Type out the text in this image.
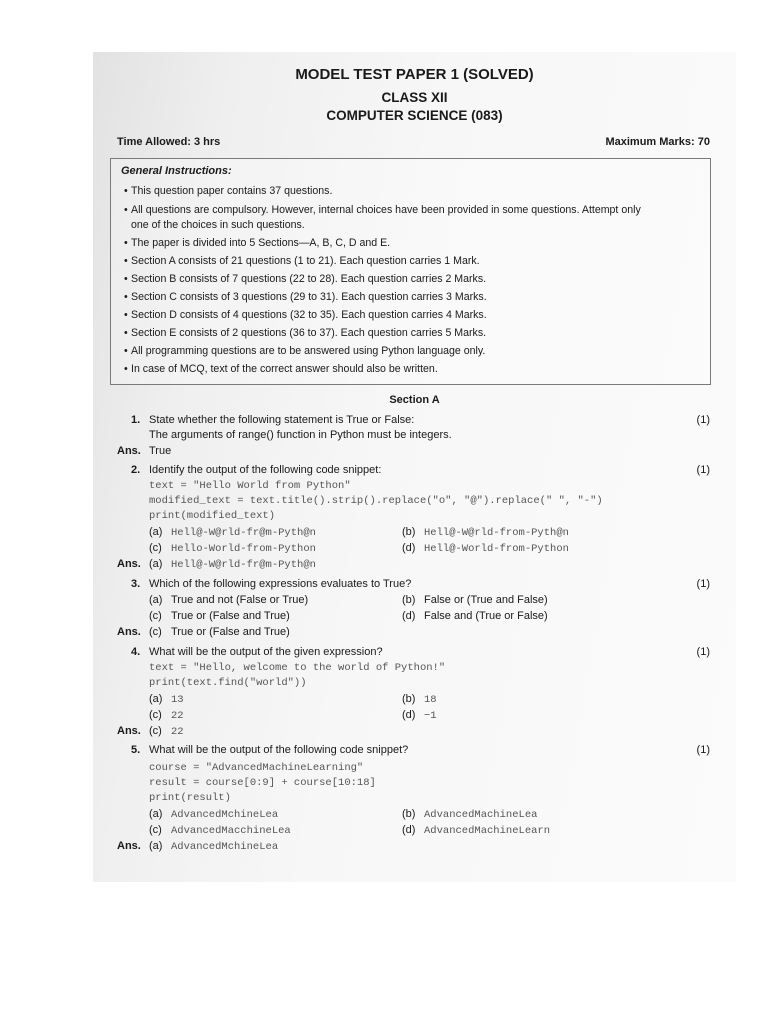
MODEL TEST PAPER 1 (SOLVED)
CLASS XII
COMPUTER SCIENCE (083)
Time Allowed: 3 hrs	Maximum Marks: 70
General Instructions:
• This question paper contains 37 questions.
• All questions are compulsory. However, internal choices have been provided in some questions. Attempt only
one of the choices in such questions.
• The paper is divided into 5 Sections—A, B, C, D and E.
• Section A consists of 21 questions (1 to 21). Each question carries 1 Mark.
• Section B consists of 7 questions (22 to 28). Each question carries 2 Marks.
• Section C consists of 3 questions (29 to 31). Each question carries 3 Marks.
• Section D consists of 4 questions (32 to 35). Each question carries 4 Marks.
• Section E consists of 2 questions (36 to 37). Each question carries 5 Marks.
• All programming questions are to be answered using Python language only.
• In case of MCQ, text of the correct answer should also be written.
Section A
1. State whether the following statement is True or False:	(1)
The arguments of range() function in Python must be integers.
Ans. True
2. Identify the output of the following code snippet:	(1)
text = "Hello World from Python"
modified_text = text.title().strip().replace("o", "@").replace(" ", "-")
print(modified_text)
(a) Hell@-W@rld-fr@m-Pyth@n	(b) Hell@-W@rld-from-Pyth@n
(c) Hello-World-from-Python	(d) Hell@-World-from-Python
Ans. (a) Hell@-W@rld-fr@m-Pyth@n
3. Which of the following expressions evaluates to True?	(1)
(a) True and not (False or True)	(b) False or (True and False)
(c) True or (False and True)	(d) False and (True or False)
Ans. (c) True or (False and True)
4. What will be the output of the given expression?	(1)
text = "Hello, welcome to the world of Python!"
print(text.find("world"))
(a) 13	(b) 18
(c) 22	(d) −1
Ans. (c) 22
5. What will be the output of the following code snippet?	(1)
course = "AdvancedMachineLearning"
result = course[0:9] + course[10:18]
print(result)
(a) AdvancedMchineLea	(b) AdvancedMachineLea
(c) AdvancedMacchineLea	(d) AdvancedMachineLearn
Ans. (a) AdvancedMchineLea
